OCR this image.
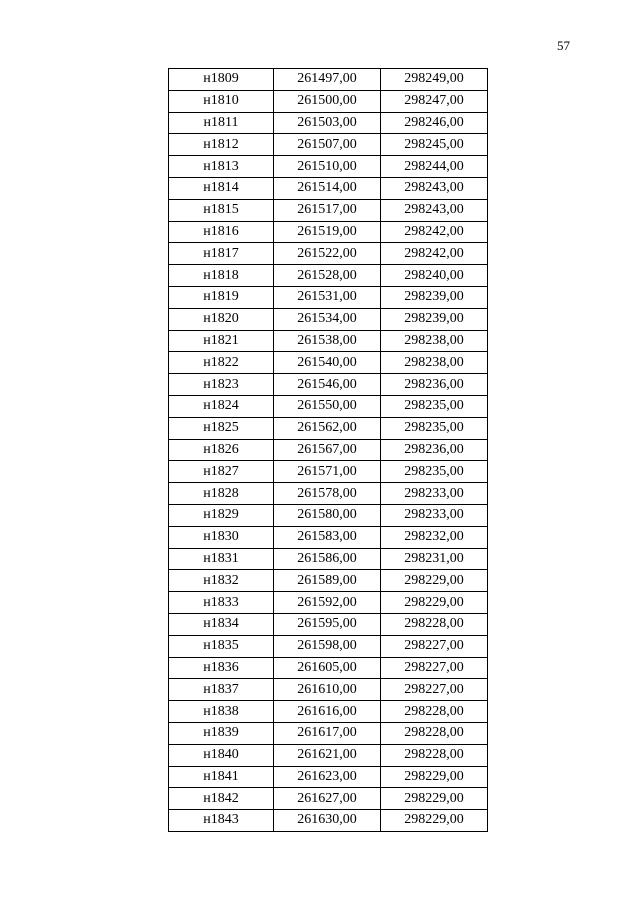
57
н1809	261497,00	298249,00
н1810	261500,00	298247,00
н1811	261503,00	298246,00
н1812	261507,00	298245,00
н1813	261510,00	298244,00
н1814	261514,00	298243,00
н1815	261517,00	298243,00
н1816	261519,00	298242,00
н1817	261522,00	298242,00
н1818	261528,00	298240,00
н1819	261531,00	298239,00
н1820	261534,00	298239,00
н1821	261538,00	298238,00
н1822	261540,00	298238,00
н1823	261546,00	298236,00
н1824	261550,00	298235,00
н1825	261562,00	298235,00
н1826	261567,00	298236,00
н1827	261571,00	298235,00
н1828	261578,00	298233,00
н1829	261580,00	298233,00
н1830	261583,00	298232,00
н1831	261586,00	298231,00
н1832	261589,00	298229,00
н1833	261592,00	298229,00
н1834	261595,00	298228,00
н1835	261598,00	298227,00
н1836	261605,00	298227,00
н1837	261610,00	298227,00
н1838	261616,00	298228,00
н1839	261617,00	298228,00
н1840	261621,00	298228,00
н1841	261623,00	298229,00
н1842	261627,00	298229,00
н1843	261630,00	298229,00
